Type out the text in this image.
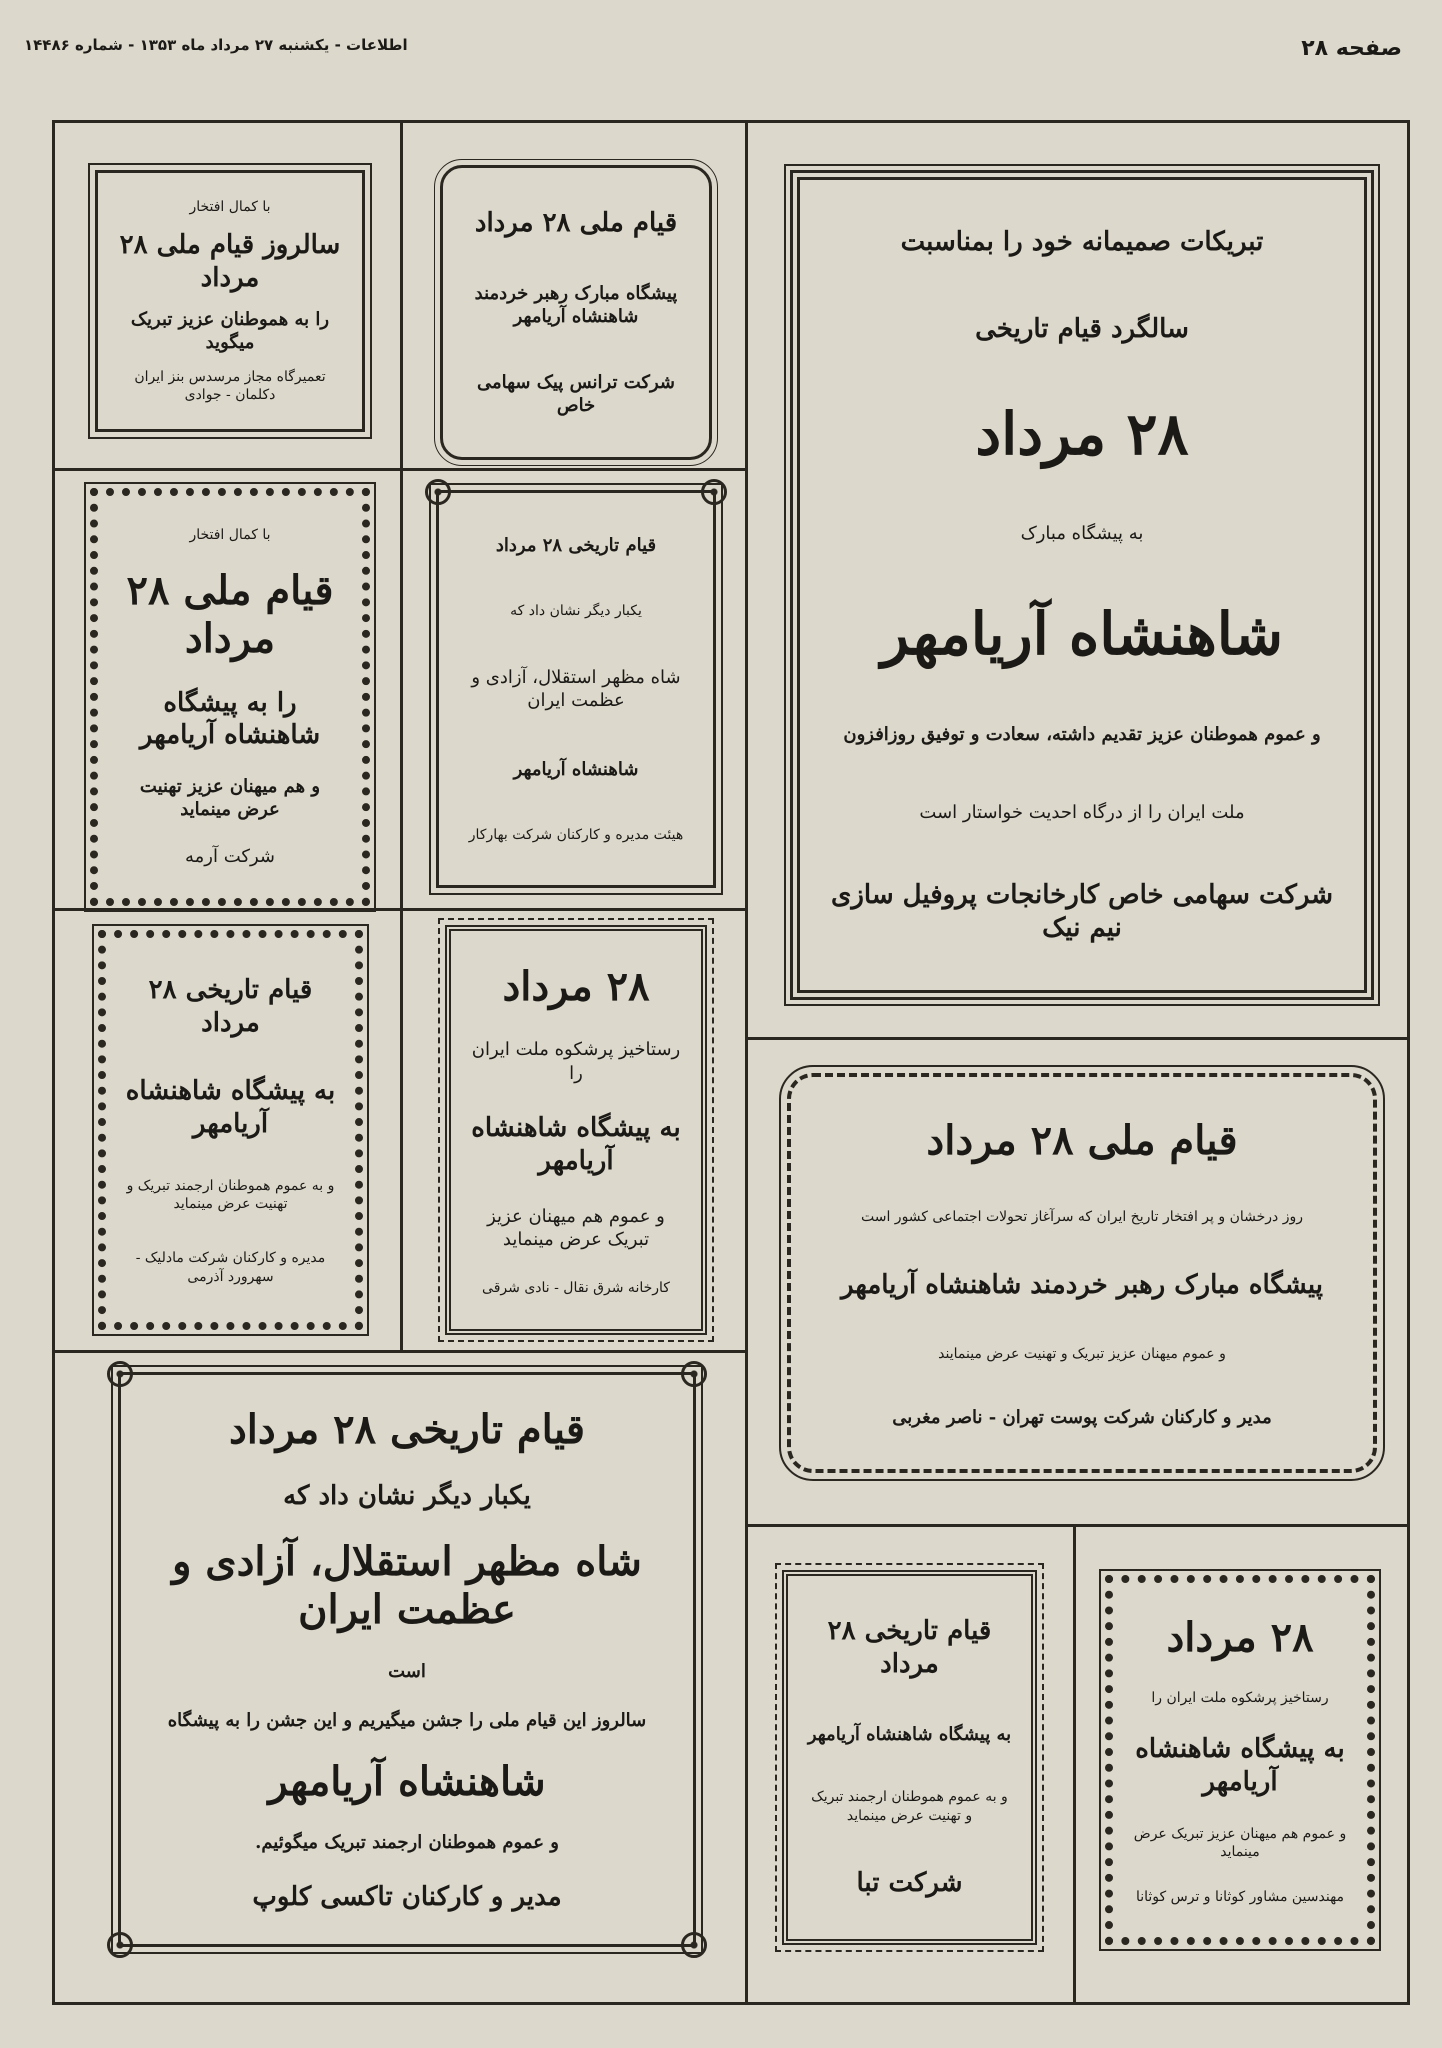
اطلاعات - یکشنبه ۲۷ مرداد ماه ۱۳۵۳ - شماره ۱۴۴۸۶	صفحه ۲۸
تبریکات صمیمانه خود را بمناسبت
سالگرد قیام تاریخی
۲۸ مرداد
به پیشگاه مبارک
شاهنشاه آریامهر
و عموم هموطنان عزیز تقدیم داشته، سعادت و توفیق روزافزون
ملت ایران را از درگاه احدیت خواستار است
شرکت سهامی خاص کارخانجات پروفیل سازی نیم نیک
با کمال افتخار
سالروز قیام ملی ۲۸ مرداد
را به هموطنان عزیز تبریک میگوید
تعمیرگاه مجاز مرسدس بنز ایران دکلمان - جوادی
قیام ملی ۲۸ مرداد
پیشگاه مبارک رهبر خردمند شاهنشاه آریامهر
شرکت ترانس پیک سهامی خاص
با کمال افتخار
قیام ملی ۲۸ مرداد
را به پیشگاه شاهنشاه آریامهر
و هم میهنان عزیز تهنیت عرض مینماید
شرکت آرمه
قیام تاریخی ۲۸ مرداد
یکبار دیگر نشان داد که
شاه مظهر استقلال، آزادی و عظمت ایران
شاهنشاه آریامهر
هیئت مدیره و کارکنان شرکت بهارکار
قیام تاریخی ۲۸ مرداد
به پیشگاه شاهنشاه آریامهر
و به عموم هموطنان ارجمند تبریک و تهنیت عرض مینماید
مدیره و کارکنان شرکت مادلیک - سهرورد آذرمی
۲۸ مرداد
رستاخیز پرشکوه ملت ایران را
به پیشگاه شاهنشاه آریامهر
و عموم هم میهنان عزیز تبریک عرض مینماید
کارخانه شرق نقال - نادی شرقی
قیام ملی ۲۸ مرداد
روز درخشان و پر افتخار تاریخ ایران که سرآغاز تحولات اجتماعی کشور است
پیشگاه مبارک رهبر خردمند شاهنشاه آریامهر
و عموم میهنان عزیز تبریک و تهنیت عرض مینمایند
مدیر و کارکنان شرکت پوست تهران - ناصر مغربی
قیام تاریخی ۲۸ مرداد
یکبار دیگر نشان داد که
شاه مظهر استقلال، آزادی و عظمت ایران
است
سالروز این قیام ملی را جشن میگیریم و این جشن را به پیشگاه
شاهنشاه آریامهر
و عموم هموطنان ارجمند تبریک میگوئیم.
مدیر و کارکنان تاکسی کلوپ
قیام تاریخی ۲۸ مرداد
به پیشگاه شاهنشاه آریامهر
و به عموم هموطنان ارجمند تبریک و تهنیت عرض مینماید
شرکت تبا
۲۸ مرداد
رستاخیز پرشکوه ملت ایران را
به پیشگاه شاهنشاه آریامهر
و عموم هم میهنان عزیز تبریک عرض مینماید
مهندسین مشاور کوثانا و ترس کوثانا
